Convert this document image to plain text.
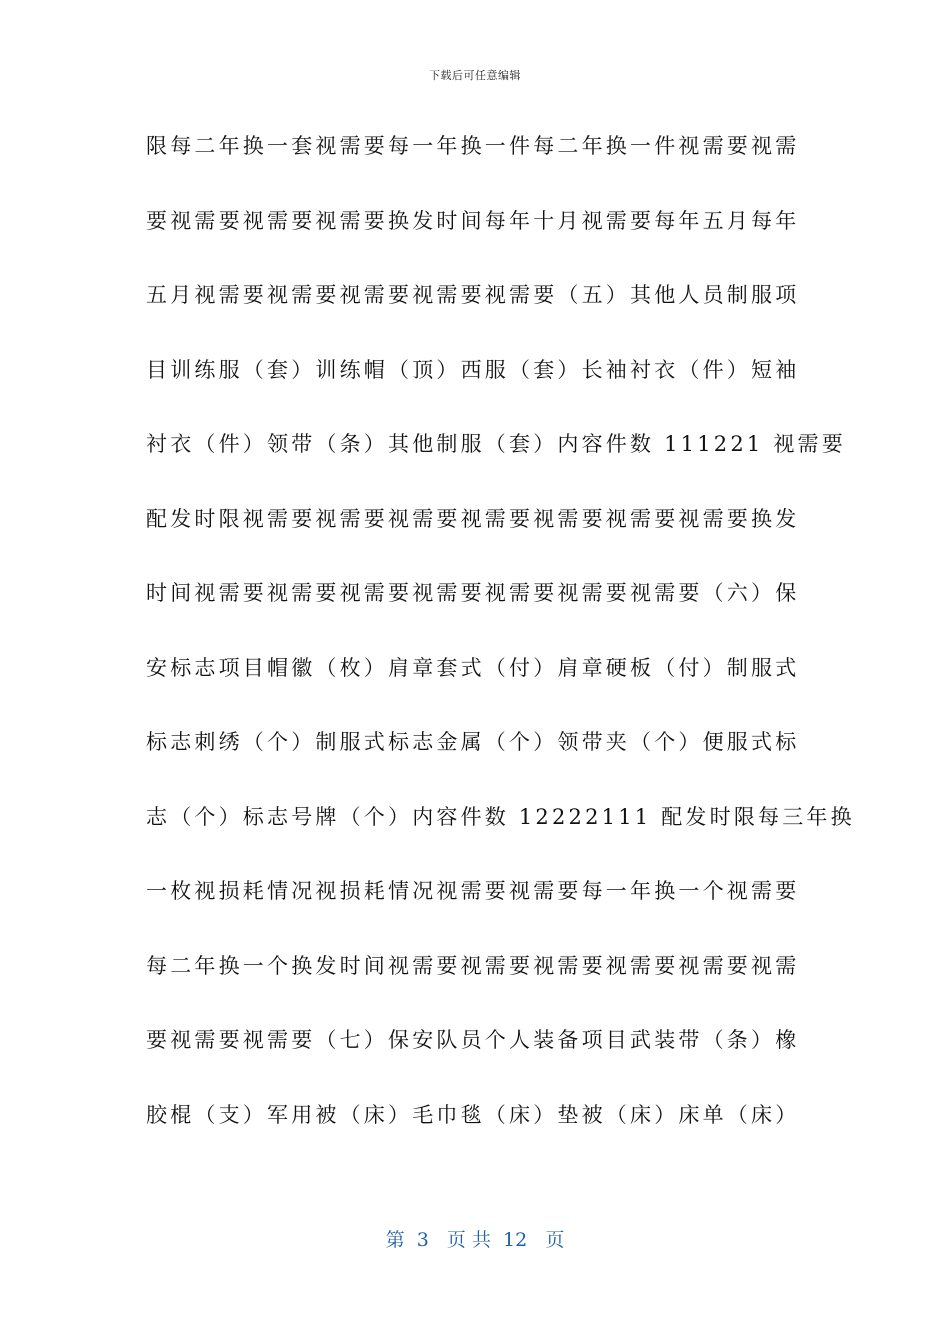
下载后可任意编辑
限每二年换一套视需要每一年换一件每二年换一件视需要视需
要视需要视需要视需要换发时间每年十月视需要每年五月每年
五月视需要视需要视需要视需要视需要（五）其他人员制服项
目训练服（套）训练帽（顶）西服（套）长袖衬衣（件）短袖
衬衣（件）领带（条）其他制服（套）内容件数 111221 视需要
配发时限视需要视需要视需要视需要视需要视需要视需要换发
时间视需要视需要视需要视需要视需要视需要视需要（六）保
安标志项目帽徽（枚）肩章套式（付）肩章硬板（付）制服式
标志刺绣（个）制服式标志金属（个）领带夹（个）便服式标
志（个）标志号牌（个）内容件数 12222111 配发时限每三年换
一枚视损耗情况视损耗情况视需要视需要每一年换一个视需要
每二年换一个换发时间视需要视需要视需要视需要视需要视需
要视需要视需要（七）保安队员个人装备项目武装带（条）橡
胶棍（支）军用被（床）毛巾毯（床）垫被（床）床单（床）
第  3   页 共  12   页
